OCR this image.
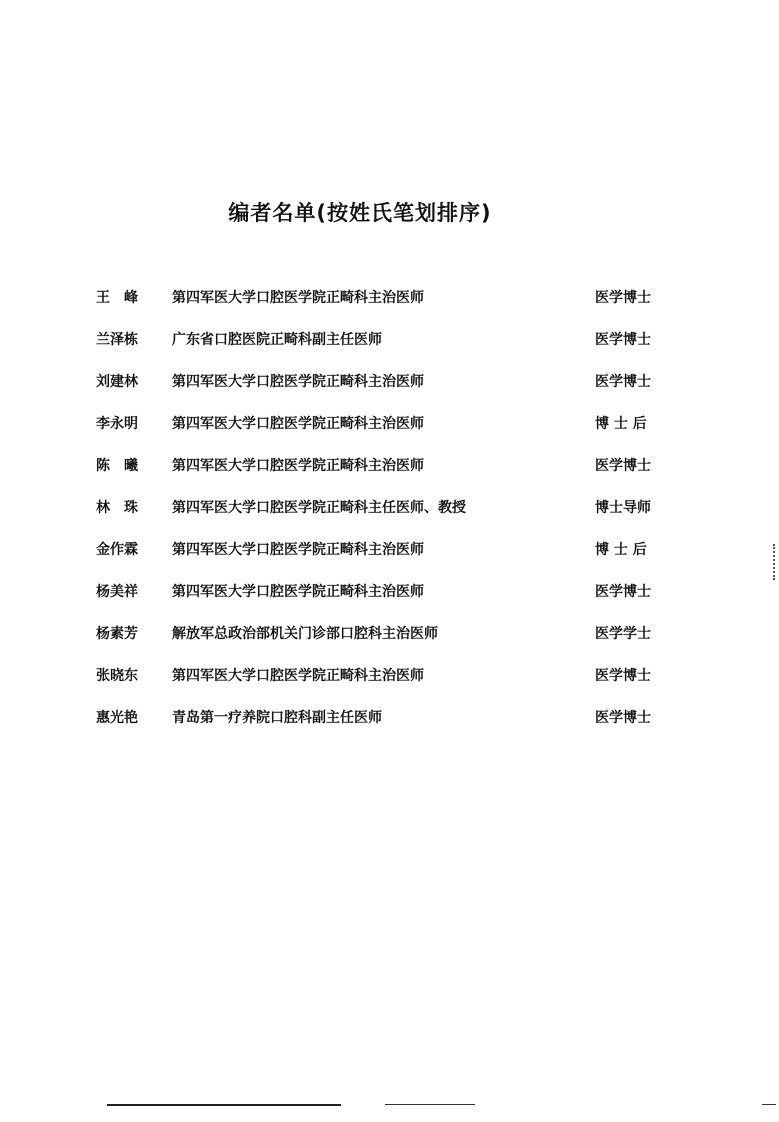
编者名单(按姓氏笔划排序)
王　峰	第四军医大学口腔医学院正畸科主治医师	医学博士
兰泽栋	广东省口腔医院正畸科副主任医师	医学博士
刘建林	第四军医大学口腔医学院正畸科主治医师	医学博士
李永明	第四军医大学口腔医学院正畸科主治医师	博 士 后
陈　曦	第四军医大学口腔医学院正畸科主治医师	医学博士
林　珠	第四军医大学口腔医学院正畸科主任医师、教授	博士导师
金作霖	第四军医大学口腔医学院正畸科主治医师	博 士 后
杨美祥	第四军医大学口腔医学院正畸科主治医师	医学博士
杨素芳	解放军总政治部机关门诊部口腔科主治医师	医学学士
张晓东	第四军医大学口腔医学院正畸科主治医师	医学博士
惠光艳	青岛第一疗养院口腔科副主任医师	医学博士
